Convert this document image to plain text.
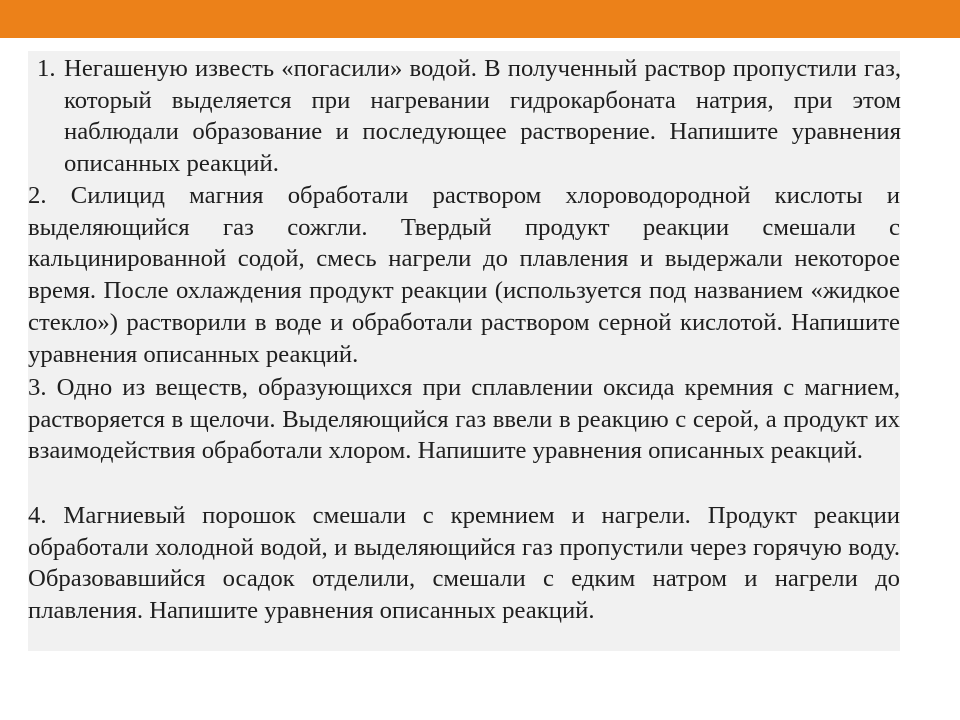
1. Негашеную известь «погасили» водой. В полученный раствор пропустили газ, который выделяется при нагревании гидрокарбоната натрия, при этом наблюдали образование и последующее растворение. Напишите уравнения описанных реакций.

2. Силицид магния обработали раствором хлороводородной кислоты и выделяющийся газ сожгли. Твердый продукт реакции смешали с кальцинированной содой, смесь нагрели до плавления и выдержали некоторое время. После охлаждения продукт реакции (используется под названием «жидкое стекло») растворили в воде и обработали раствором серной кислотой. Напишите уравнения описанных реакций.

3. Одно из веществ, образующихся при сплавлении оксида кремния с магнием, растворяется в щелочи. Выделяющийся газ ввели в реакцию с серой, а продукт их взаимодействия обработали хлором. Напишите уравнения описанных реакций.

4. Магниевый порошок смешали с кремнием и нагрели. Продукт реакции обработали холодной водой, и выделяющийся газ пропустили через горячую воду. Образовавшийся осадок отделили, смешали с едким натром и нагрели до плавления. Напишите уравнения описанных реакций.
